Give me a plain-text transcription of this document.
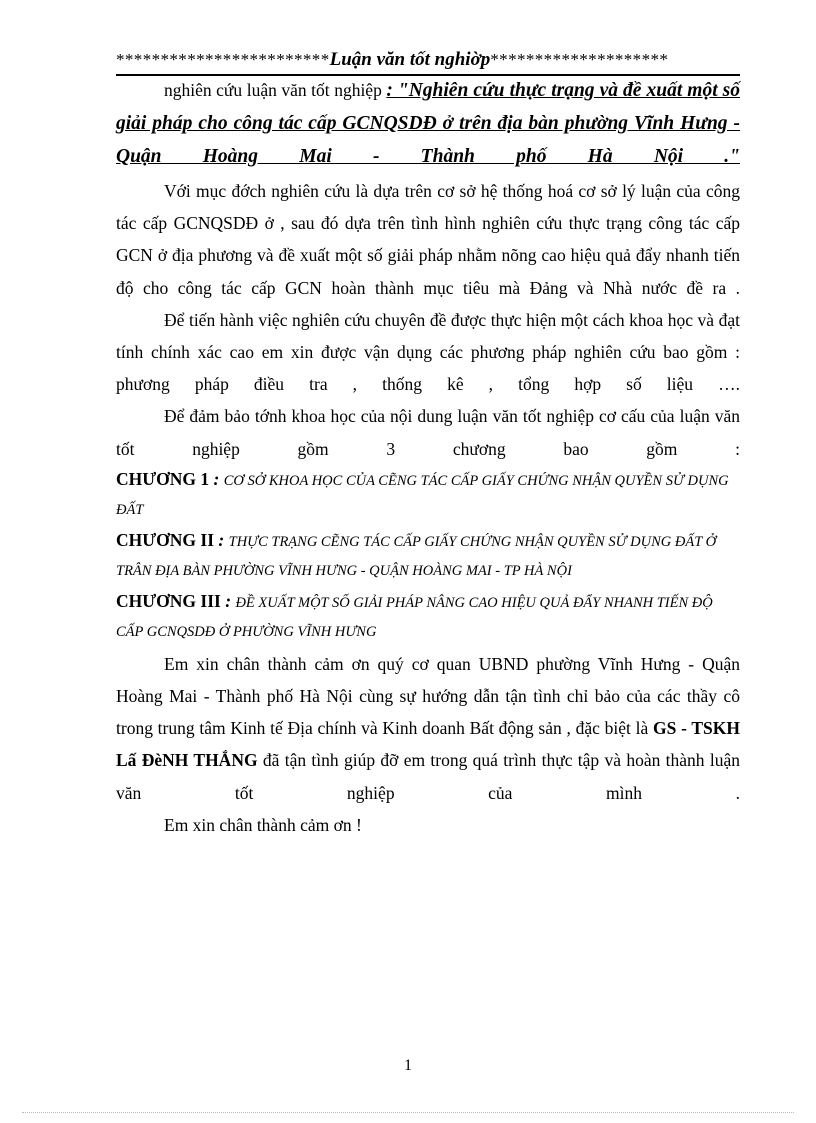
************************Luận văn tốt nghiờp********************

nghiên cứu luận văn tốt nghiệp : "Nghiên cứu thực trạng và đề xuất một số giải pháp cho công tác cấp GCNQSDĐ ở trên địa bàn phường Vĩnh Hưng - Quận Hoàng Mai - Thành phố Hà Nội ."

Với mục đớch nghiên cứu là dựa trên cơ sở hệ thống hoá cơ sở lý luận của công tác cấp GCNQSDĐ ở , sau đó dựa trên tình hình nghiên cứu thực trạng công tác cấp GCN ở địa phương và đề xuất một số giải pháp nhằm nõng cao hiệu quả đẩy nhanh tiến độ cho công tác cấp GCN hoàn thành mục tiêu mà Đảng và Nhà nước đề ra .

Để tiến hành việc nghiên cứu chuyên đề được thực hiện một cách khoa học và đạt tính chính xác cao em xin được vận dụng các phương pháp nghiên cứu bao gồm : phương pháp điều tra , thống kê , tổng hợp số liệu ….

Để đảm bảo tớnh khoa học của nội dung luận văn tốt nghiệp cơ cấu của luận văn tốt nghiệp gồm 3 chương bao gồm :

CHƯƠNG 1 : CƠ SỞ KHOA HỌC CỦA CẼNG TÁC CẤP GIẤY CHỨNG NHẬN QUYỀN SỬ DỤNG ĐẤT

CHƯƠNG II : THỰC TRẠNG CẼNG TÁC CẤP GIẤY CHỨNG NHẬN QUYỀN SỬ DỤNG ĐẤT Ở TRÂN ĐỊA BÀN PHƯỜNG VĨNH HƯNG - QUẬN HOÀNG MAI - TP HÀ NỘI

CHƯƠNG III : ĐỀ XUẤT MỘT SỐ GIẢI PHÁP NÂNG CAO HIỆU QUẢ ĐẨY NHANH TIẾN ĐỘ CẤP GCNQSDĐ Ở PHƯỜNG VĨNH HƯNG

Em xin chân thành cảm ơn quý cơ quan UBND phường Vĩnh Hưng - Quận Hoàng Mai - Thành phố Hà Nội cùng sự hướng dẫn tận tình chỉ bảo của các thầy cô trong trung tâm Kinh tế Địa chính và Kinh doanh Bất động sản , đặc biệt là GS - TSKH Lấ ĐèNH THẮNG đã tận tình giúp đỡ em trong quá trình thực tập và hoàn thành luận văn tốt nghiệp của mình .

Em xin chân thành cảm ơn !

1
